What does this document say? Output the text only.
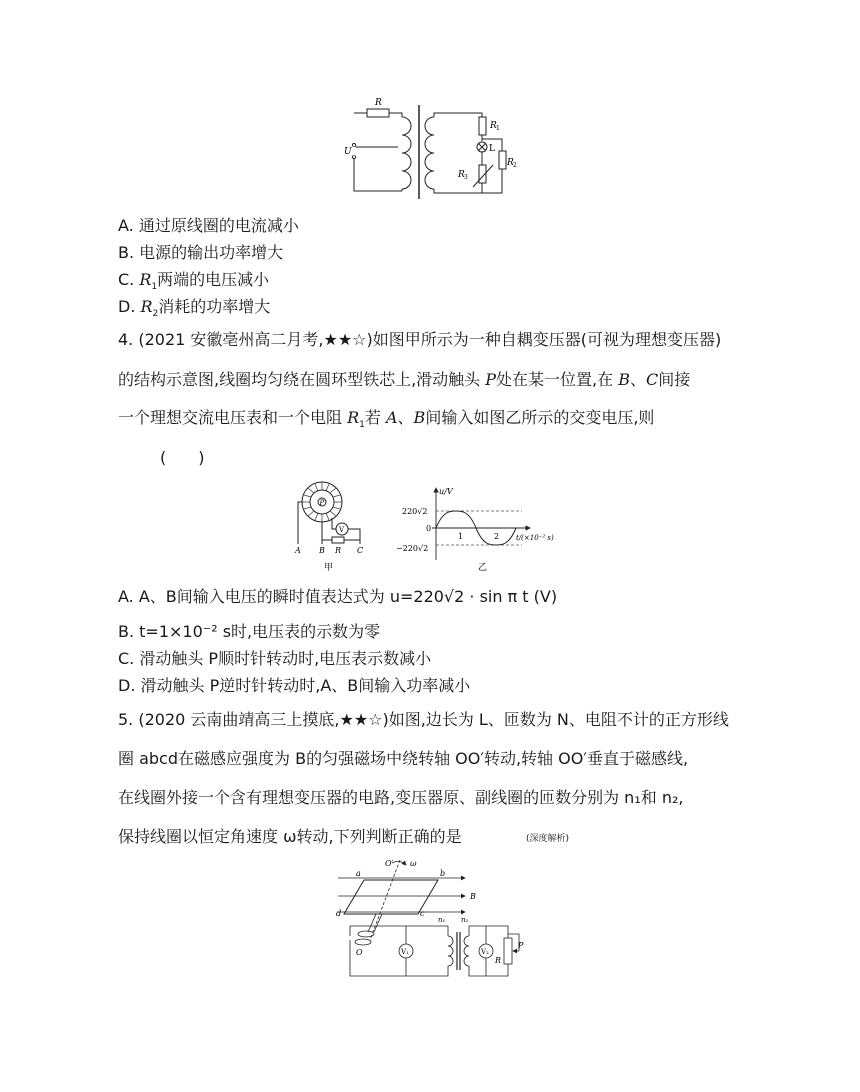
R
U
R 1
L
R 2
R 3
A. 通过原线圈的电流减小
B. 电源的输出功率增大
C. $R_1$两端的电压减小
D. $R_2$消耗的功率增大
4. (2021 安徽亳州高二月考,★★☆)如图甲所示为一种自耦变压器(可视为理想变压器)
的结构示意图,线圈均匀绕在圆环型铁芯上,滑动触头 P处在某一位置,在 B、C间接
一个理想交流电压表和一个电阻 $R_1$若 A、B间输入如图乙所示的交变电压,则
(　　)
P
V
A B R C
甲
u/V
220√2
0
−220√2
1	2 t/(×10⁻² s)
乙
A. A、B间输入电压的瞬时值表达式为 u=220√2 · sin π t (V)
B. t=1×10⁻² s时,电压表的示数为零
C. 滑动触头 P顺时针转动时,电压表示数减小
D. 滑动触头 P逆时针转动时,A、B间输入功率减小
5. (2020 云南曲靖高三上摸底,★★☆)如图,边长为 L、匝数为 N、电阻不计的正方形线
圈 abcd在磁感应强度为 B的匀强磁场中绕转轴 OO′转动,转轴 OO′垂直于磁感线,
在线圈外接一个含有理想变压器的电路,变压器原、副线圈的匝数分别为 n₁和 n₂,
保持线圈以恒定角速度 ω转动,下列判断正确的是	(深度解析)
O′ ω
a	b
B
d	c
n₁ n₂
O	V₁	V₂
R
P
